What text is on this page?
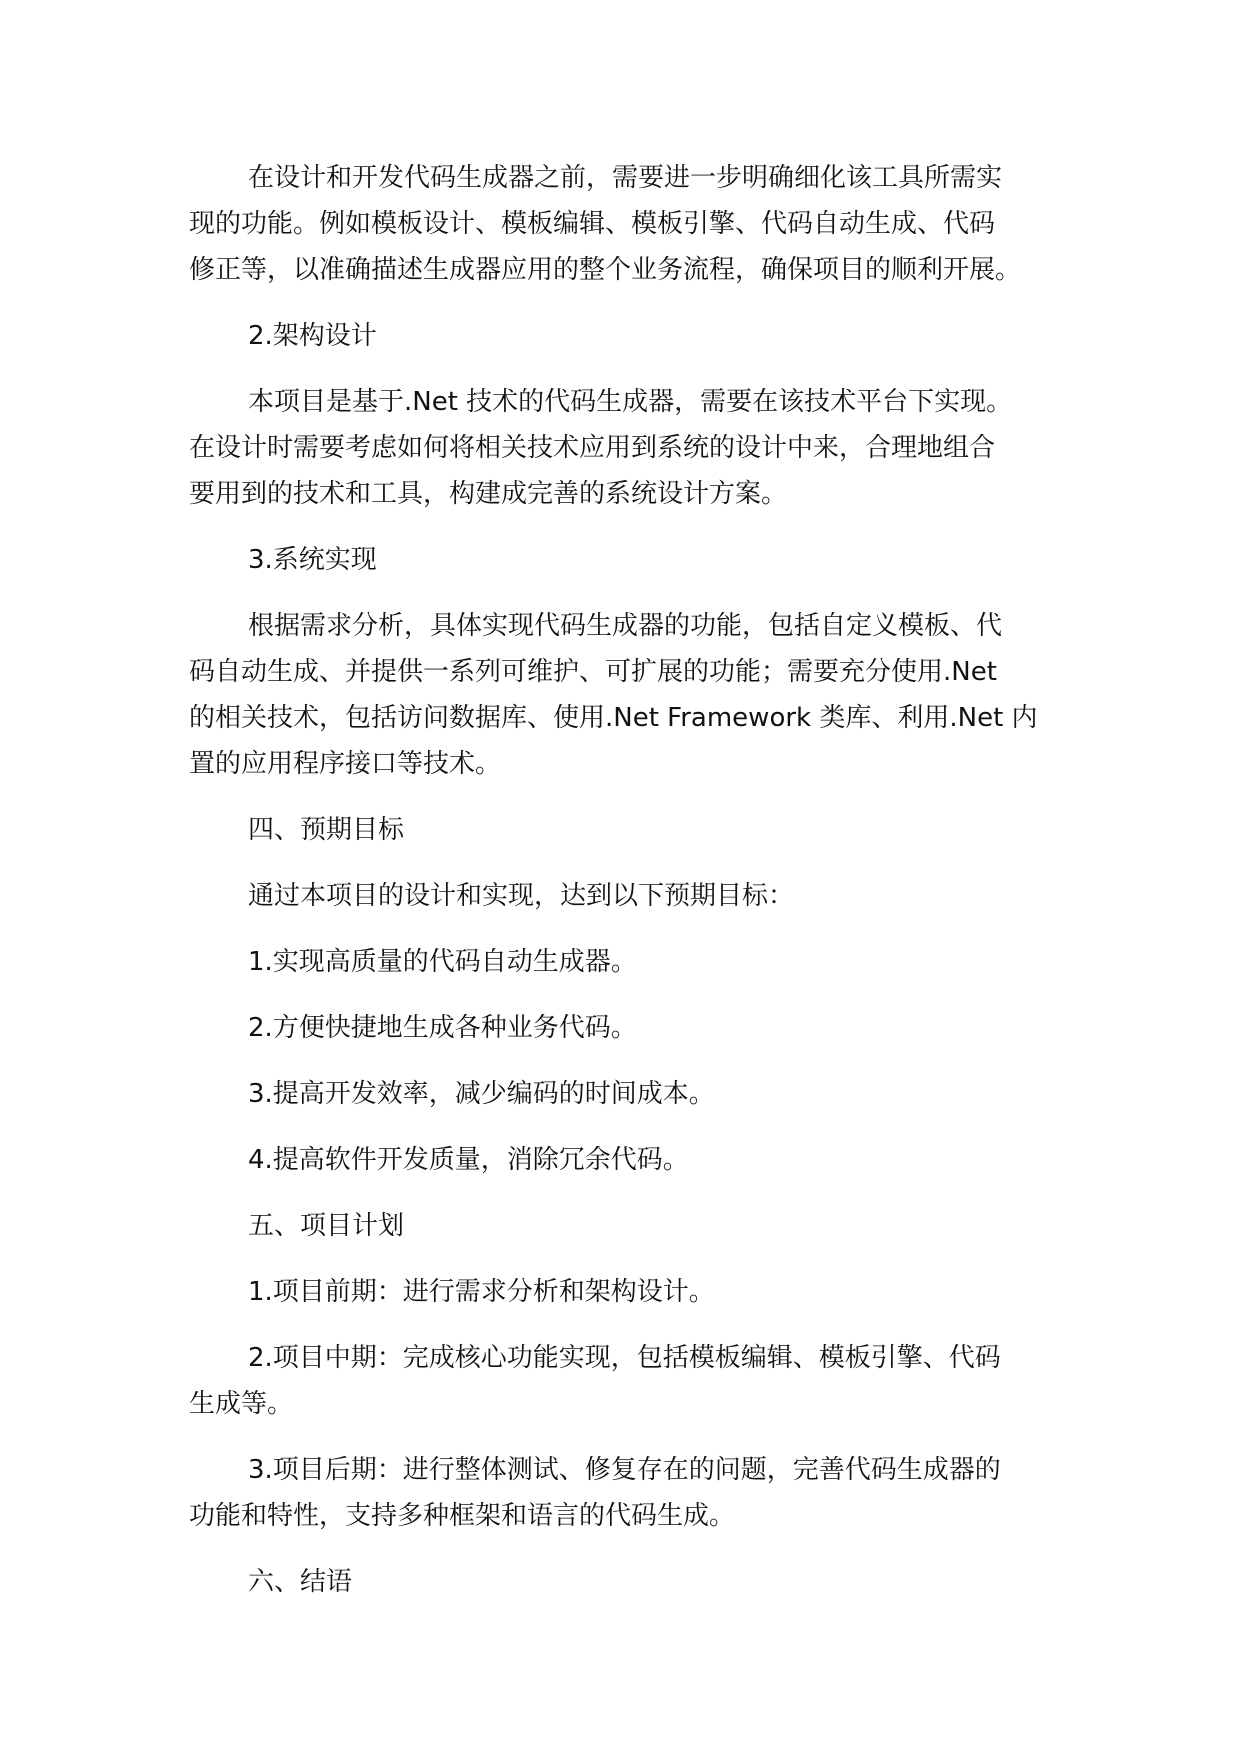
在设计和开发代码生成器之前，需要进一步明确细化该工具所需实
现的功能。例如模板设计、模板编辑、模板引擎、代码自动生成、代码
修正等，以准确描述生成器应用的整个业务流程，确保项目的顺利开展。

2.架构设计

本项目是基于.Net 技术的代码生成器，需要在该技术平台下实现。
在设计时需要考虑如何将相关技术应用到系统的设计中来，合理地组合
要用到的技术和工具，构建成完善的系统设计方案。

3.系统实现

根据需求分析，具体实现代码生成器的功能，包括自定义模板、代
码自动生成、并提供一系列可维护、可扩展的功能；需要充分使用.Net
的相关技术，包括访问数据库、使用.Net Framework 类库、利用.Net 内
置的应用程序接口等技术。

四、预期目标

通过本项目的设计和实现，达到以下预期目标：

1.实现高质量的代码自动生成器。

2.方便快捷地生成各种业务代码。

3.提高开发效率，减少编码的时间成本。

4.提高软件开发质量，消除冗余代码。

五、项目计划

1.项目前期：进行需求分析和架构设计。

2.项目中期：完成核心功能实现，包括模板编辑、模板引擎、代码
生成等。

3.项目后期：进行整体测试、修复存在的问题，完善代码生成器的
功能和特性，支持多种框架和语言的代码生成。

六、结语
